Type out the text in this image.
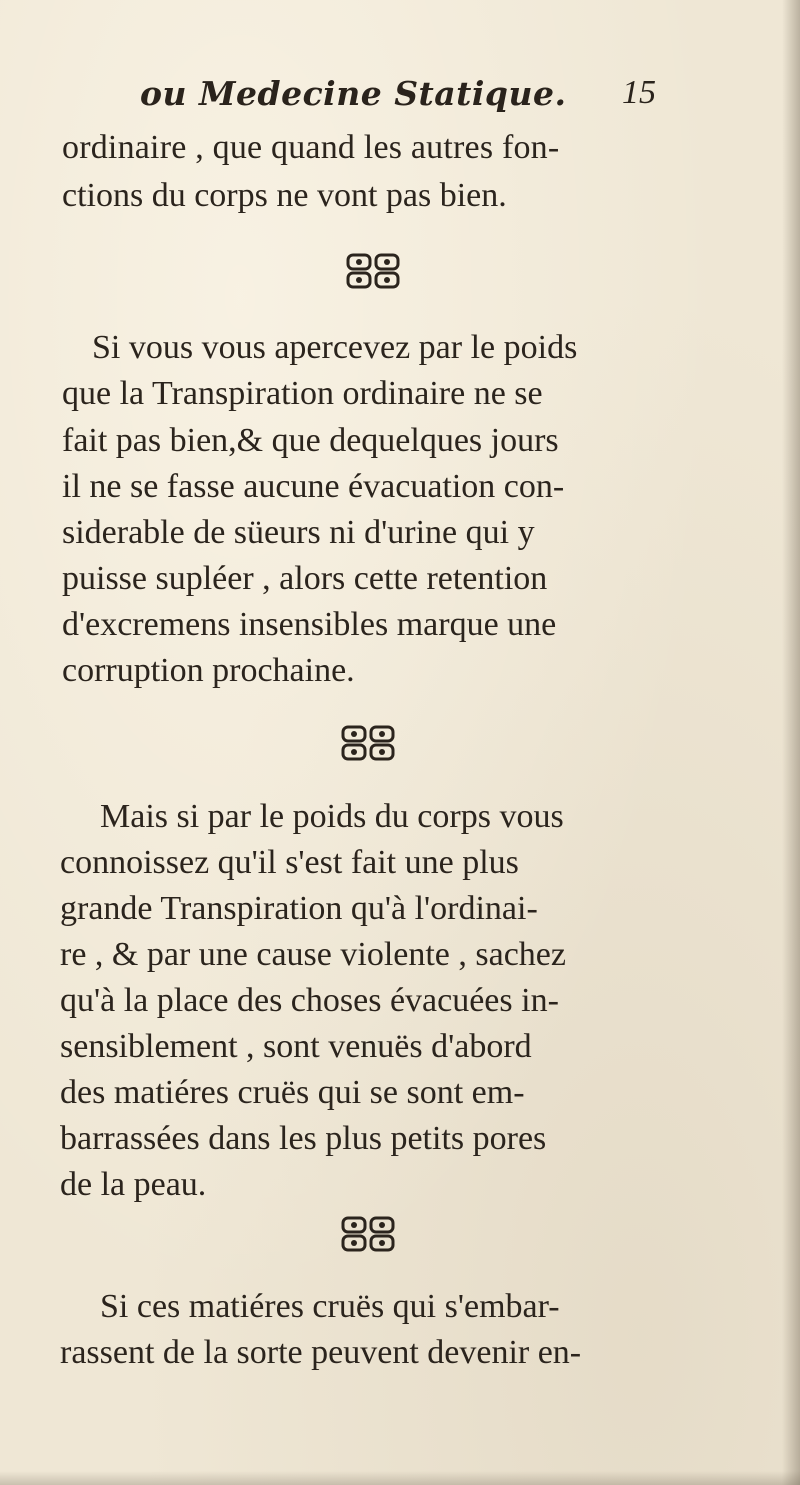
ou Medecine Statique. 15
ordinaire , que quand les autres fon-
ctions du corps ne vont pas bien.
Si vous vous apercevez par le poids
que la Transpiration ordinaire ne se
fait pas bien,& que dequelques jours
il ne se fasse aucune évacuation con-
siderable de süeurs ni d'urine qui y
puisse supléer , alors cette retention
d'excremens insensibles marque une
corruption prochaine.
Mais si par le poids du corps vous
connoissez qu'il s'est fait une plus
grande Transpiration qu'à l'ordinai-
re , & par une cause violente , sachez
qu'à la place des choses évacuées in-
sensiblement , sont venuës d'abord
des matiéres cruës qui se sont em-
barrassées dans les plus petits pores
de la peau.
Si ces matiéres cruës qui s'embar-
rassent de la sorte peuvent devenir en-
